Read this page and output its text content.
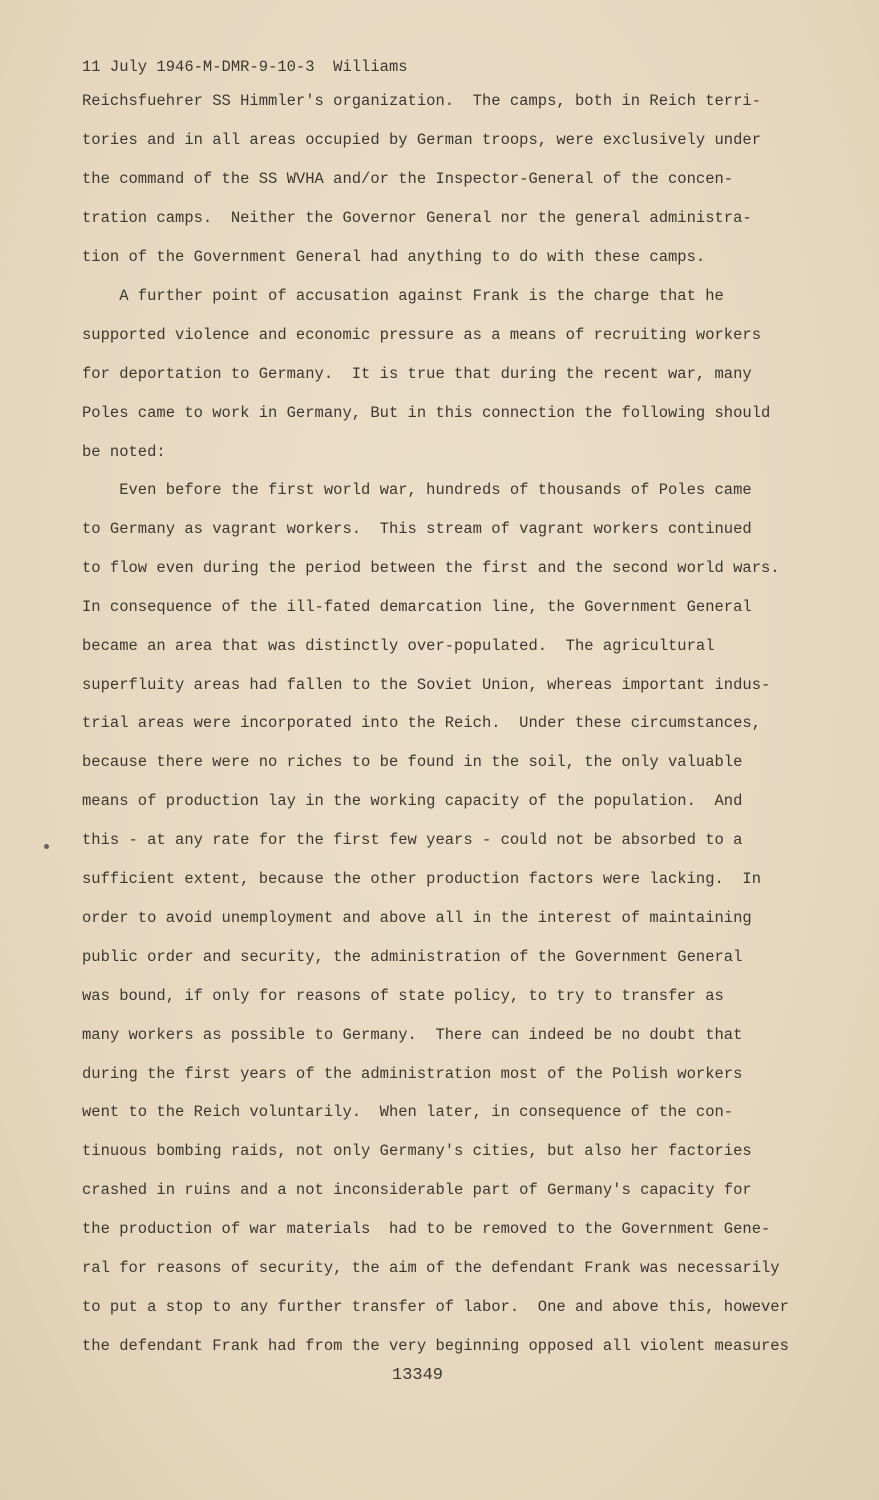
11 July 1946-M-DMR-9-10-3  Williams
Reichsfuehrer SS Himmler's organization.  The camps, both in Reich terri-
tories and in all areas occupied by German troops, were exclusively under
the command of the SS WVHA and/or the Inspector-General of the concen-
tration camps.  Neither the Governor General nor the general administra-
tion of the Government General had anything to do with these camps.
A further point of accusation against Frank is the charge that he
supported violence and economic pressure as a means of recruiting workers
for deportation to Germany.  It is true that during the recent war, many
Poles came to work in Germany, But in this connection the following should
be noted:
Even before the first world war, hundreds of thousands of Poles came
to Germany as vagrant workers.  This stream of vagrant workers continued
to flow even during the period between the first and the second world wars.
In consequence of the ill-fated demarcation line, the Government General
became an area that was distinctly over-populated.  The agricultural
superfluity areas had fallen to the Soviet Union, whereas important indus-
trial areas were incorporated into the Reich.  Under these circumstances,
because there were no riches to be found in the soil, the only valuable
means of production lay in the working capacity of the population.  And
this - at any rate for the first few years - could not be absorbed to a
sufficient extent, because the other production factors were lacking.  In
order to avoid unemployment and above all in the interest of maintaining
public order and security, the administration of the Government General
was bound, if only for reasons of state policy, to try to transfer as
many workers as possible to Germany.  There can indeed be no doubt that
during the first years of the administration most of the Polish workers
went to the Reich voluntarily.  When later, in consequence of the con-
tinuous bombing raids, not only Germany's cities, but also her factories
crashed in ruins and a not inconsiderable part of Germany's capacity for
the production of war materials  had to be removed to the Government Gene-
ral for reasons of security, the aim of the defendant Frank was necessarily
to put a stop to any further transfer of labor.  One and above this, however
the defendant Frank had from the very beginning opposed all violent measures
13349
